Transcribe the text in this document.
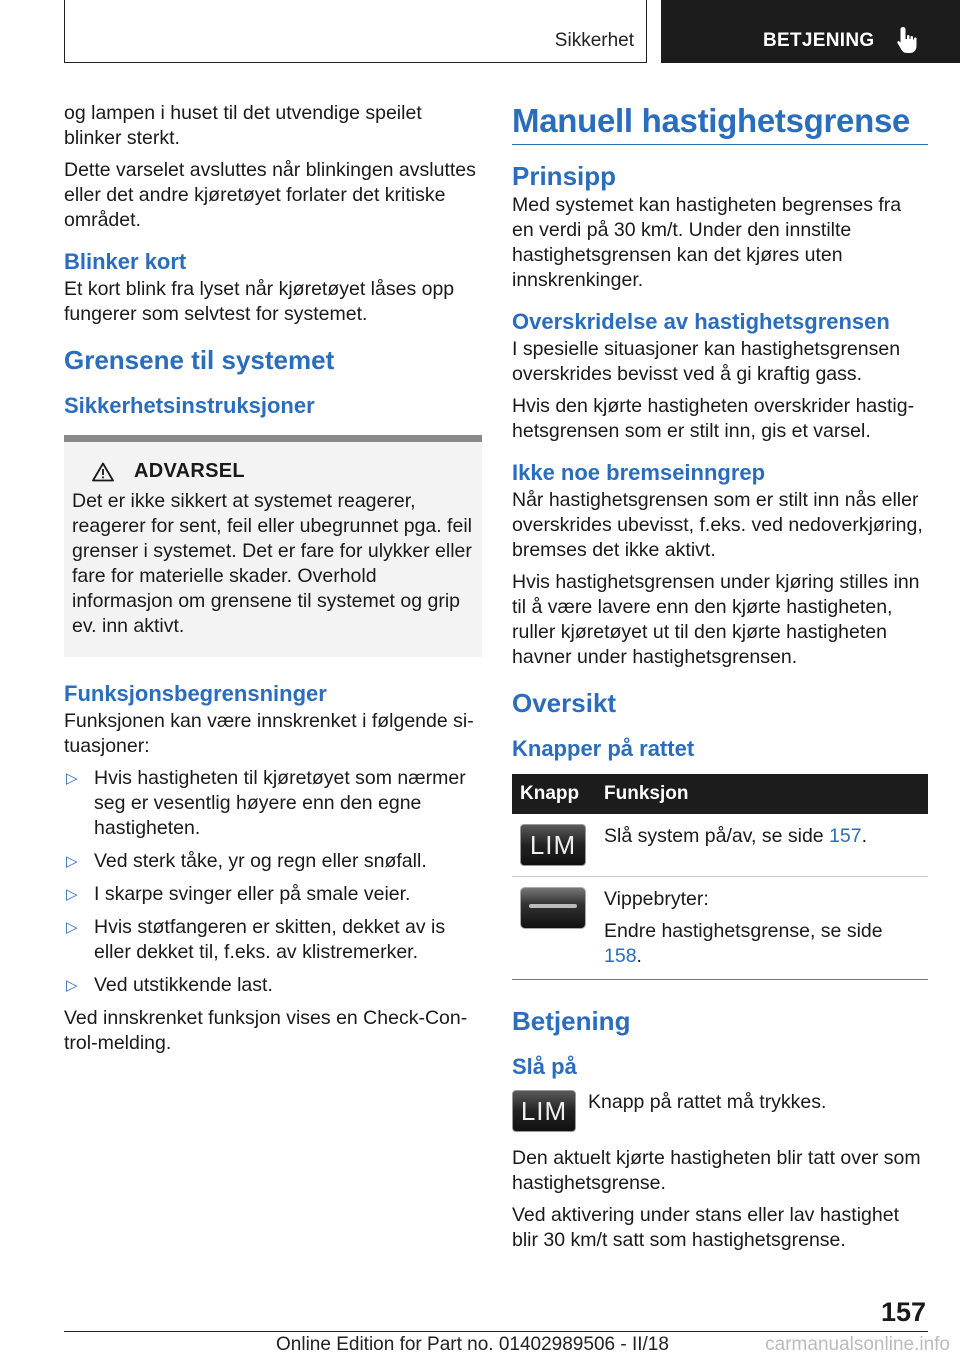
Sikkerhet	BETJENING

og lampen i huset til det utvendige speilet blinker sterkt.

Dette varselet avsluttes når blinkingen avsluttes eller det andre kjøretøyet forlater det kritiske området.

Blinker kort

Et kort blink fra lyset når kjøretøyet låses opp fungerer som selvtest for systemet.

Grensene til systemet
Sikkerhetsinstruksjoner
ADVARSEL

Det er ikke sikkert at systemet reagerer, reagerer for sent, feil eller ubegrunnet pga. feil grenser i systemet. Det er fare for ulykker eller fare for materielle skader. Overhold informasjon om grensene til systemet og grip ev. inn aktivt.

Funksjonsbegrensninger

Funksjonen kan være innskrenket i følgende situasjoner:

▷ Hvis hastigheten til kjøretøyet som nærmer seg er vesentlig høyere enn den egne hastigheten.
▷ Ved sterk tåke, yr og regn eller snøfall.
▷ I skarpe svinger eller på smale veier.
▷ Hvis støtfangeren er skitten, dekket av is eller dekket til, f.eks. av klistremerker.
▷ Ved utstikkende last.

Ved innskrenket funksjon vises en Check-Control-melding.

Manuell hastighetsgrense
Prinsipp

Med systemet kan hastigheten begrenses fra en verdi på 30 km/t. Under den innstilte hastighetsgrensen kan det kjøres uten innskrenkinger.

Overskridelse av hastighetsgrensen

I spesielle situasjoner kan hastighetsgrensen overskrides bevisst ved å gi kraftig gass.

Hvis den kjørte hastigheten overskrider hastighetsgrensen som er stilt inn, gis et varsel.

Ikke noe bremseinngrep

Når hastighetsgrensen som er stilt inn nås eller overskrides ubevisst, f.eks. ved nedoverkjøring, bremses det ikke aktivt.

Hvis hastighetsgrensen under kjøring stilles inn til å være lavere enn den kjørte hastigheten, ruller kjøretøyet ut til den kjørte hastigheten havner under hastighetsgrensen.

Oversikt
Knapper på rattet
Knapp	Funksjon

LIM	Slå system på/av, se side 157.

	Vippebryter:
Endre hastighetsgrense, se side 158.
Betjening
Slå på
LIM	Knapp på rattet må trykkes.

Den aktuelt kjørte hastigheten blir tatt over som hastighetsgrense.

Ved aktivering under stans eller lav hastighet blir 30 km/t satt som hastighetsgrense.

157
Online Edition for Part no. 01402989506 - II/18	carmanualsonline.info
